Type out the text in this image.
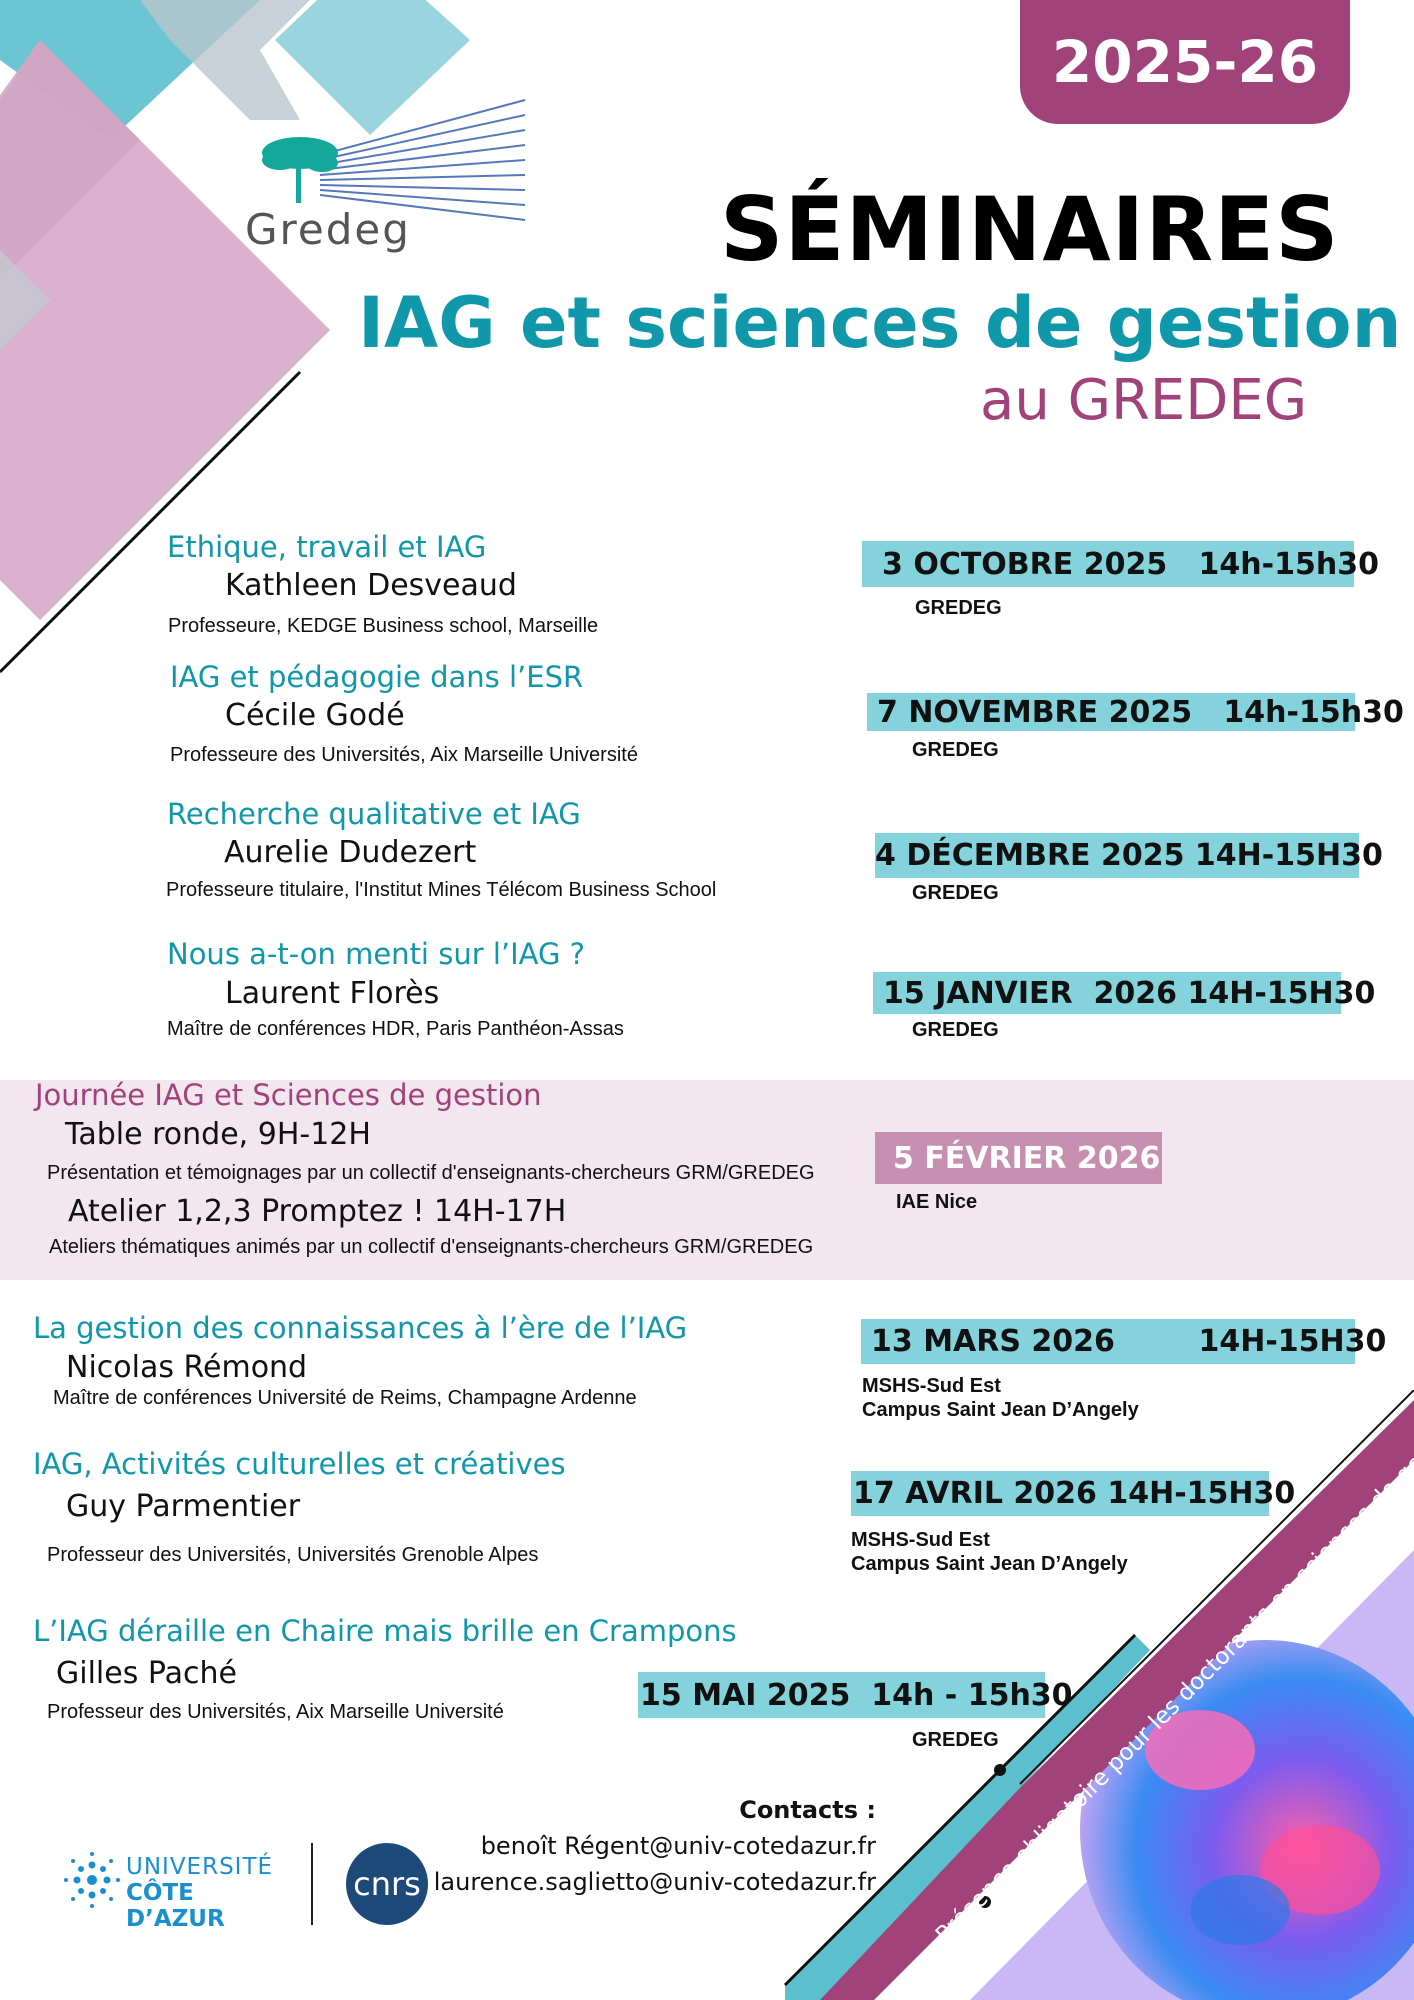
Gredeg
2025-26
SÉMINAIRES
IAG et sciences de gestion
au GREDEG
Ethique, travail et IAG
Kathleen Desveaud
Professeure, KEDGE Business school, Marseille
3 OCTOBRE 2025   14h-15h30
GREDEG
IAG et pédagogie dans l’ESR
Cécile Godé
Professeure des Universités, Aix Marseille Université
7 NOVEMBRE 2025   14h-15h30
GREDEG
Recherche qualitative et IAG
Aurelie Dudezert
Professeure titulaire, l'Institut Mines Télécom Business School
4 DÉCEMBRE 2025 14H-15H30
GREDEG
Nous a-t-on menti sur l’IAG ?
Laurent Florès
Maître de conférences HDR, Paris Panthéon-Assas
15 JANVIER  2026 14H-15H30
GREDEG
Journée IAG et Sciences de gestion
Table ronde, 9H-12H
Présentation et témoignages par un collectif d'enseignants-chercheurs GRM/GREDEG
Atelier 1,2,3 Promptez ! 14H-17H
Ateliers thématiques animés par un collectif d'enseignants-chercheurs GRM/GREDEG
5 FÉVRIER 2026
IAE Nice
La gestion des connaissances à l’ère de l’IAG
Nicolas Rémond
Maître de conférences Université de Reims, Champagne Ardenne
13 MARS 2026        14H-15H30
MSHS-Sud Est
Campus Saint Jean D’Angely
IAG, Activités culturelles et créatives
Guy Parmentier
Professeur des Universités, Universités Grenoble Alpes
17 AVRIL 2026 14H-15H30
MSHS-Sud Est
Campus Saint Jean D’Angely
L’IAG déraille en Chaire mais brille en Crampons
Gilles Paché
Professeur des Universités, Aix Marseille Université	15 MAI 2025  14h - 15h30
GREDEG
Contacts :
benoît Régent@univ-cotedazur.fr
laurence.saglietto@univ-cotedazur.fr
UNIVERSITÉ
CÔTE D’AZUR
cnrs
